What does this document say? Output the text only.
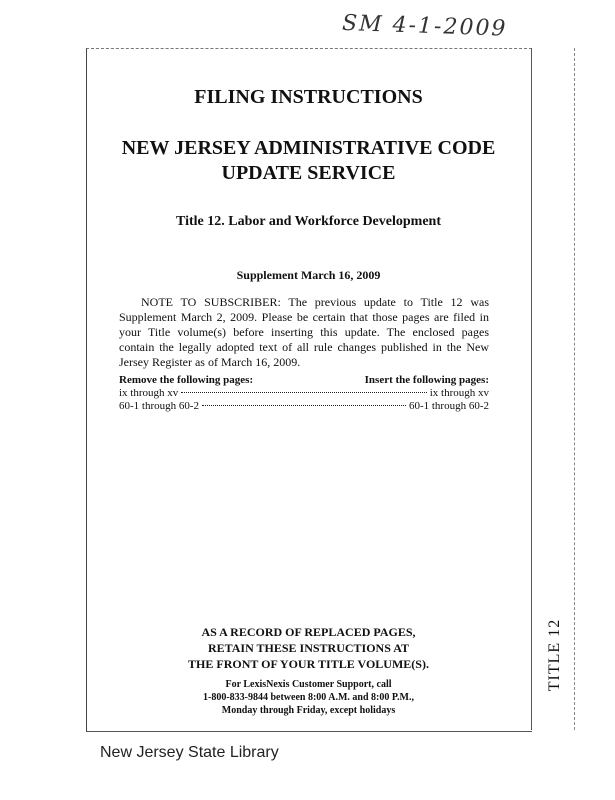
SM 4-1-2009
TITLE 12
FILING INSTRUCTIONS
NEW JERSEY ADMINISTRATIVE CODE
UPDATE SERVICE
Title 12. Labor and Workforce Development
Supplement March 16, 2009
NOTE TO SUBSCRIBER: The previous update to Title 12 was Supplement March 2, 2009. Please be certain that those pages are filed in your Title volume(s) before inserting this update. The enclosed pages contain the legally adopted text of all rule changes published in the New Jersey Register as of March 16, 2009.
Remove the following pages:	Insert the following pages:
ix through xv	ix through xv
60-1 through 60-2	60-1 through 60-2
AS A RECORD OF REPLACED PAGES,
RETAIN THESE INSTRUCTIONS AT
THE FRONT OF YOUR TITLE VOLUME(S).
For LexisNexis Customer Support, call
1-800-833-9844 between 8:00 A.M. and 8:00 P.M.,
Monday through Friday, except holidays
New Jersey State Library
